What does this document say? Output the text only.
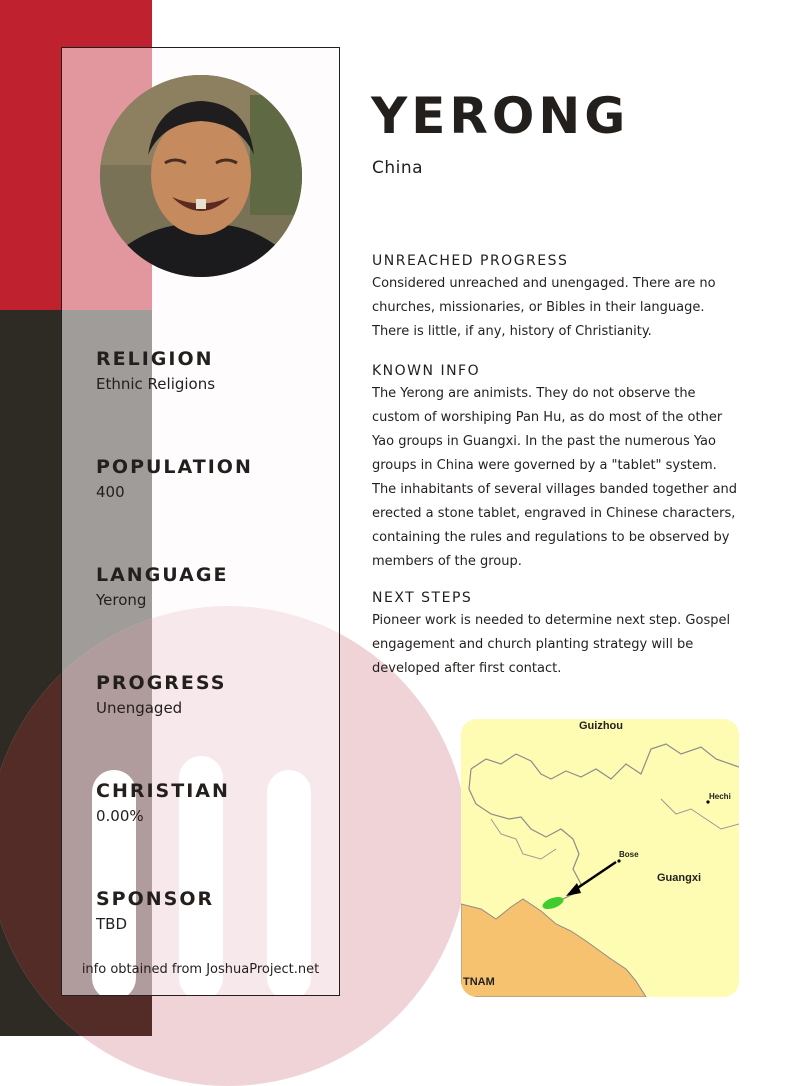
RELIGION
Ethnic Religions
POPULATION
400
LANGUAGE
Yerong
PROGRESS
Unengaged
CHRISTIAN
0.00%
SPONSOR
TBD
info obtained from JoshuaProject.net
YERONG
China
UNREACHED PROGRESS

Considered unreached and unengaged. There are no churches, missionaries, or Bibles in their language. There is little, if any, history of Christianity.

KNOWN INFO

The Yerong are animists. They do not observe the custom of worshiping Pan Hu, as do most of the other Yao groups in Guangxi. In the past the numerous Yao groups in China were governed by a "tablet" system. The inhabitants of several villages banded together and erected a stone tablet, engraved in Chinese characters, containing the rules and regulations to be observed by members of the group.

NEXT STEPS

Pioneer work is needed to determine next step. Gospel engagement and church planting strategy will be developed after first contact.

Guizhou
Hechi
Bose
Guangxi
TNAM
